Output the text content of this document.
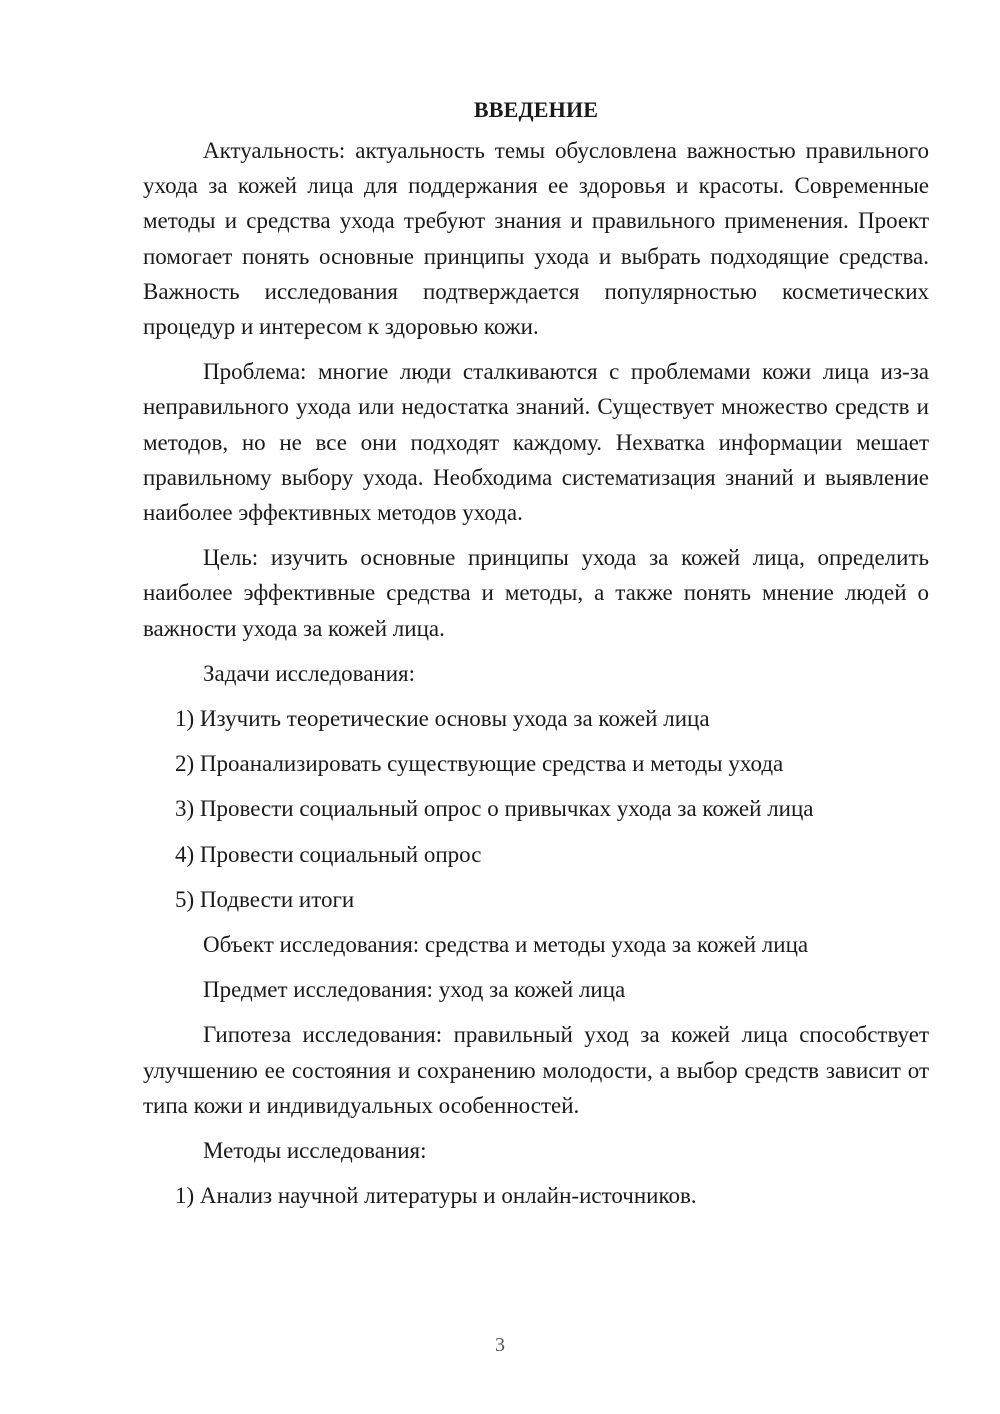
ВВЕДЕНИЕ

Актуальность: актуальность темы обусловлена важностью правильного ухода за кожей лица для поддержания ее здоровья и красоты. Современные методы и средства ухода требуют знания и правильного применения. Проект помогает понять основные принципы ухода и выбрать подходящие средства. Важность исследования подтверждается популярностью косметических процедур и интересом к здоровью кожи.

Проблема: многие люди сталкиваются с проблемами кожи лица из-за неправильного ухода или недостатка знаний. Существует множество средств и методов, но не все они подходят каждому. Нехватка информации мешает правильному выбору ухода. Необходима систематизация знаний и выявление наиболее эффективных методов ухода.

Цель: изучить основные принципы ухода за кожей лица, определить наиболее эффективные средства и методы, а также понять мнение людей о важности ухода за кожей лица.

Задачи исследования:

1) Изучить теоретические основы ухода за кожей лица
2) Проанализировать существующие средства и методы ухода
3) Провести социальный опрос о привычках ухода за кожей лица
4) Провести социальный опрос
5) Подвести итоги

Объект исследования: средства и методы ухода за кожей лица

Предмет исследования: уход за кожей лица

Гипотеза исследования: правильный уход за кожей лица способствует улучшению ее состояния и сохранению молодости, а выбор средств зависит от типа кожи и индивидуальных особенностей.

Методы исследования:

1) Анализ научной литературы и онлайн-источников.
3
